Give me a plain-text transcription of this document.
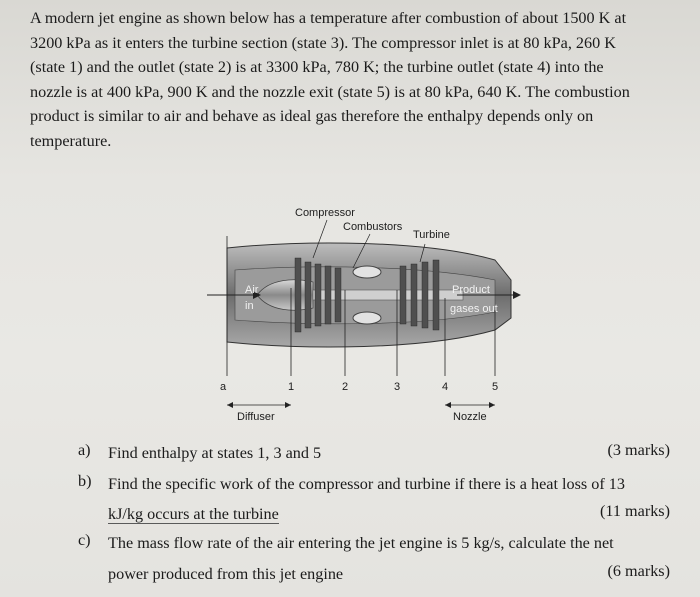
A modern jet engine as shown below has a temperature after combustion of about 1500 K at
3200 kPa as it enters the turbine section (state 3). The compressor inlet is at 80 kPa, 260 K
(state 1) and the outlet (state 2) is at 3300 kPa, 780 K; the turbine outlet (state 4) into the
nozzle is at 400 kPa, 900 K and the nozzle exit (state 5) is at 80 kPa, 640 K. The combustion
product is similar to air and behave as ideal gas therefore the enthalpy depends only on
temperature.
Compressor
Combustors
Turbine
Air
in
Product
gases out
a	1	2	3	4	5
Diffuser	Nozzle
a) Find enthalpy at states 1, 3 and 5	(3 marks)
b) Find the specific work of the compressor and turbine if there is a heat loss of 13
kJ/kg occurs at the turbine	(11 marks)
c) The mass flow rate of the air entering the jet engine is 5 kg/s, calculate the net
power produced from this jet engine	(6 marks)
